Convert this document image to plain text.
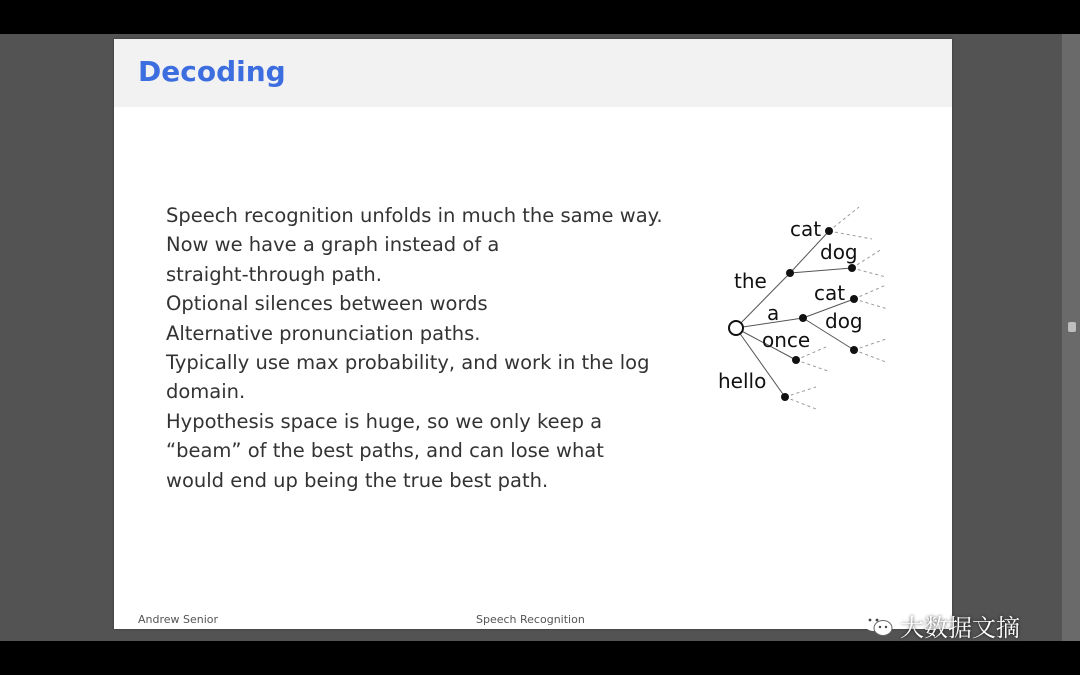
Decoding
Speech recognition unfolds in much the same way.
Now we have a graph instead of a
straight-through path.
Optional silences between words
Alternative pronunciation paths.
Typically use max probability, and work in the log
domain.
Hypothesis space is huge, so we only keep a
“beam” of the best paths, and can lose what
would end up being the true best path.
cat
dog
the cat
a dog
once
hello
Andrew Senior	Speech Recognition	大数据文摘
